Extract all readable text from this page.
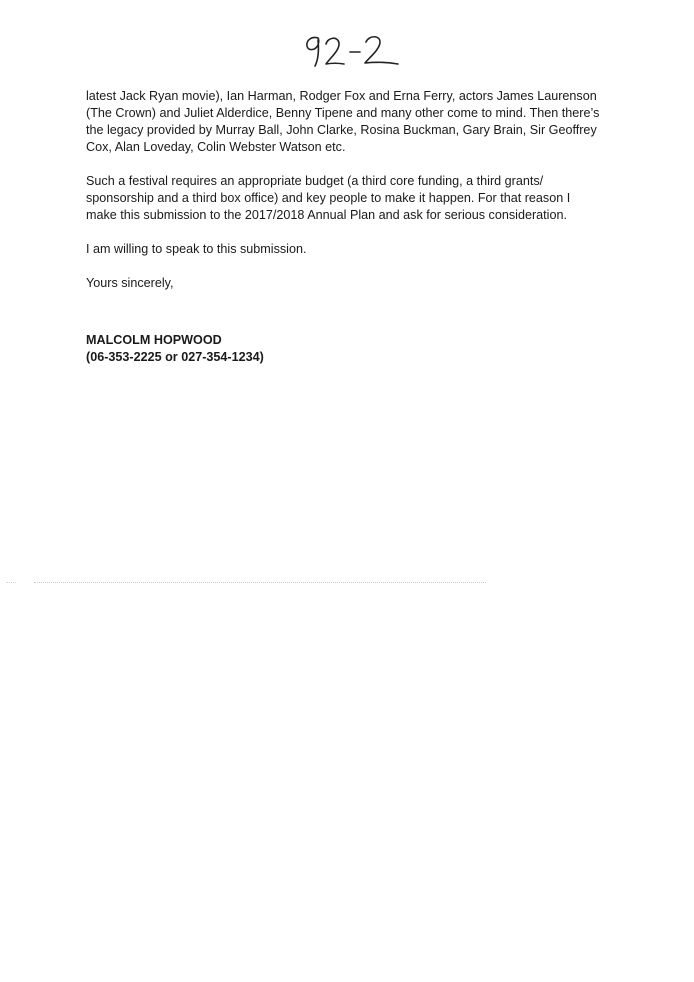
latest Jack Ryan movie), Ian Harman, Rodger Fox and Erna Ferry, actors James Laurenson
(The Crown) and Juliet Alderdice, Benny Tipene and many other come to mind. Then there’s
the legacy provided by Murray Ball, John Clarke, Rosina Buckman, Gary Brain, Sir Geoffrey
Cox, Alan Loveday, Colin Webster Watson etc.

Such a festival requires an appropriate budget (a third core funding, a third grants/
sponsorship and a third box office) and key people to make it happen. For that reason I
make this submission to the 2017/2018 Annual Plan and ask for serious consideration.

I am willing to speak to this submission.

Yours sincerely,

MALCOLM HOPWOOD
(06-353-2225 or 027-354-1234)
